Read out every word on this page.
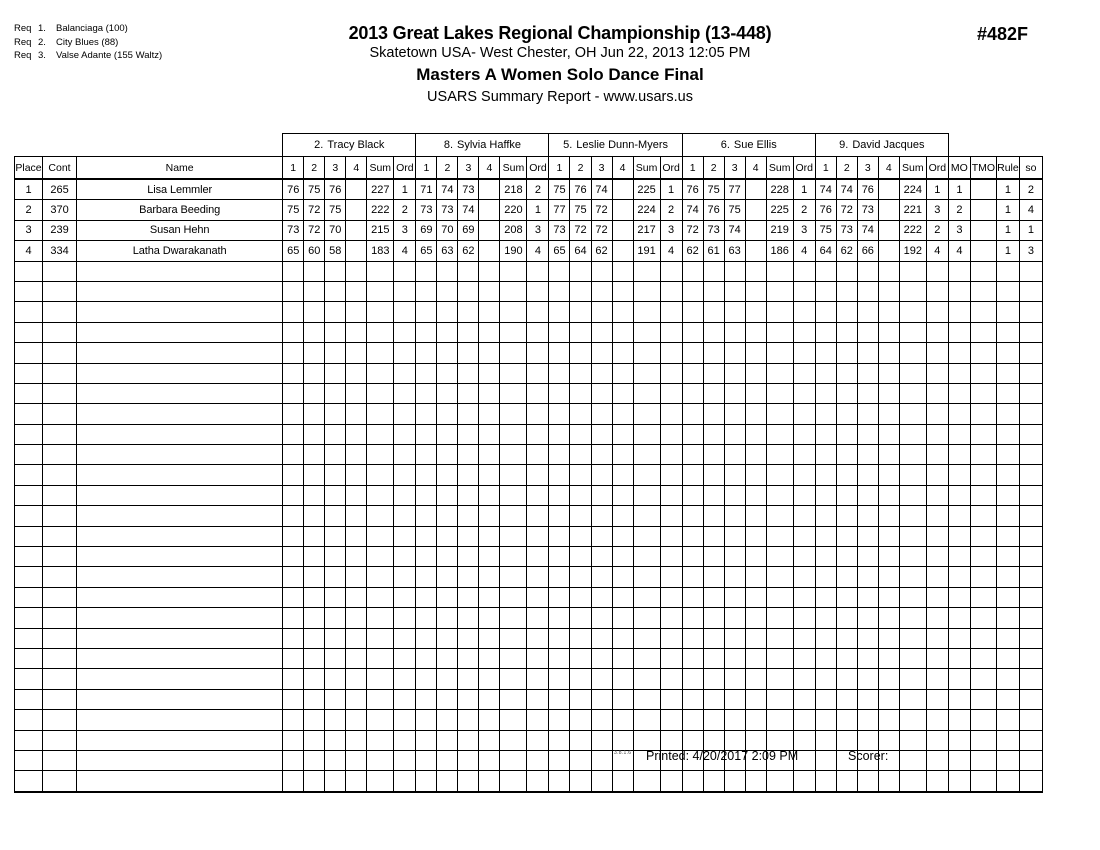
Req 1. Balanciaga (100)
Req 2. City Blues (88)
Req 3. Valse Adante (155 Waltz)
2013 Great Lakes Regional Championship (13-448)
Skatetown USA- West Chester, OH Jun 22, 2013 12:05 PM
Masters A Women Solo Dance Final
USARS Summary Report - www.usars.us
#482F
			2. Tracy Black						8. Sylvia Haffke						5. Leslie Dunn-Myers						6. Sue Ellis						9. David Jacques									
Place	Cont	Name	1	2	3	4	Sum	Ord	1	2	3	4	Sum	Ord	1	2	3	4	Sum	Ord	1	2	3	4	Sum	Ord	1	2	3	4	Sum	Ord	MO	TMO	Rule	so
1	265	Lisa Lemmler	76	75	76		227	1	71	74	73		218	2	75	76	74		225	1	76	75	77		228	1	74	74	76		224	1	1		1	2
2	370	Barbara Beeding	75	72	75		222	2	73	73	74		220	1	77	75	72		224	2	74	76	75		225	2	76	72	73		221	3	2		1	4
3	239	Susan Hehn	73	72	70		215	3	69	70	69		208	3	73	72	72		217	3	72	73	74		219	3	75	73	74		222	2	3		1	1
4	334	Latha Dwarakanath	65	60	58		183	4	65	63	62		190	4	65	64	62		191	4	62	61	63		186	4	64	62	66		192	4	4		1	3

3.8.1.6 Printed: 4/20/2017 2:09 PM	Scorer:
